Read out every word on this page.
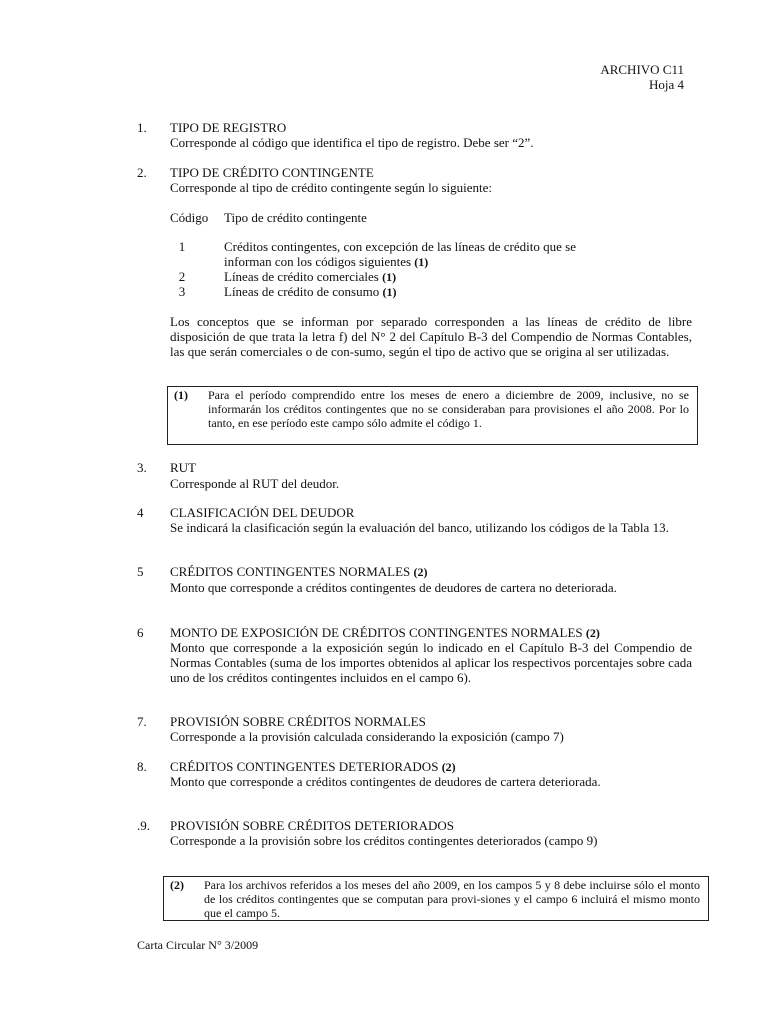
ARCHIVO C11
Hoja 4
1.	TIPO DE REGISTRO
Corresponde al código que identifica el tipo de registro. Debe ser “2”.
2.	TIPO DE CRÉDITO CONTINGENTE
Corresponde al tipo de crédito contingente según lo siguiente:
Código Tipo de crédito contingente
1	Créditos contingentes, con excepción de las líneas de crédito que se
informan con los códigos siguientes (1)
2	Líneas de crédito comerciales (1)
3	Líneas de crédito de consumo (1)
Los conceptos que se informan por separado corresponden a las líneas de crédito de libre disposición de que trata la letra f) del N° 2 del Capítulo B-3 del Compendio de Normas Contables, las que serán comerciales o de con-sumo, según el tipo de activo que se origina al ser utilizadas.
(1) Para el período comprendido entre los meses de enero a diciembre de 2009, inclusive, no se informarán los créditos contingentes que no se consideraban para provisiones el año 2008. Por lo tanto, en ese período este campo sólo admite el código 1.
3.	RUT
Corresponde al RUT del deudor.
4	CLASIFICACIÓN DEL DEUDOR
Se indicará la clasificación según la evaluación del banco, utilizando los códigos de la Tabla 13.
5	CRÉDITOS CONTINGENTES NORMALES (2)
Monto que corresponde a créditos contingentes de deudores de cartera no deteriorada.
6	MONTO DE EXPOSICIÓN DE CRÉDITOS CONTINGENTES NORMALES (2)
Monto que corresponde a la exposición según lo indicado en el Capítulo B-3 del Compendio de Normas Contables (suma de los importes obtenidos al aplicar los respectivos porcentajes sobre cada uno de los créditos contingentes incluidos en el campo 6).
7.	PROVISIÓN SOBRE CRÉDITOS NORMALES
Corresponde a la provisión calculada considerando la exposición (campo 7)
8.	CRÉDITOS CONTINGENTES DETERIORADOS (2)
Monto que corresponde a créditos contingentes de deudores de cartera deteriorada.
.9.	PROVISIÓN SOBRE CRÉDITOS DETERIORADOS
Corresponde a la provisión sobre los créditos contingentes deteriorados (campo 9)
(2) Para los archivos referidos a los meses del año 2009, en los campos 5 y 8 debe incluirse sólo el monto de los créditos contingentes que se computan para provi-siones y el campo 6 incluirá el mismo monto que el campo 5.
Carta Circular N° 3/2009
